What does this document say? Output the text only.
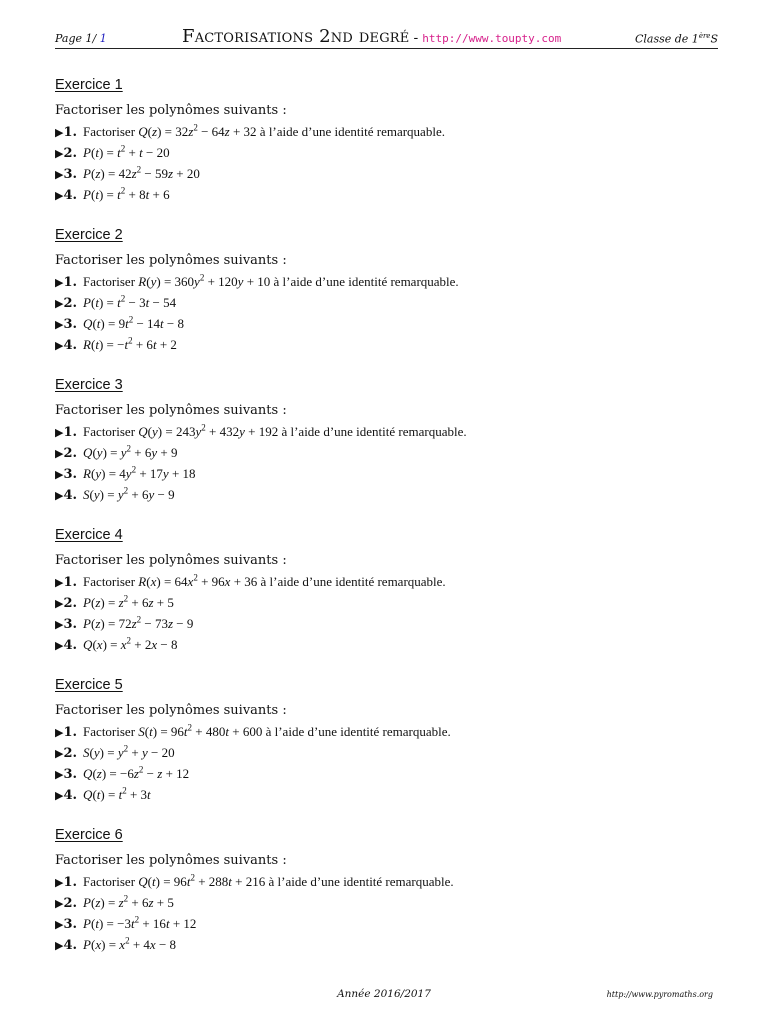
Page 1/ 1	Factorisations 2nd degré - http://www.toupty.com	Classe de 1èreS
Exercice 1
Factoriser les polynômes suivants :
▶1. Factoriser $Q(z) = 32z^2 - 64z + 32$ à l’aide d’une identité remarquable.
▶2. $P(t) = t^2 + t - 20$
▶3. $P(z) = 42z^2 - 59z + 20$
▶4. $P(t) = t^2 + 8t + 6$
Exercice 2
Factoriser les polynômes suivants :
▶1. Factoriser $R(y) = 360y^2 + 120y + 10$ à l’aide d’une identité remarquable.
▶2. $P(t) = t^2 - 3t - 54$
▶3. $Q(t) = 9t^2 - 14t - 8$
▶4. $R(t) = -t^2 + 6t + 2$
Exercice 3
Factoriser les polynômes suivants :
▶1. Factoriser $Q(y) = 243y^2 + 432y + 192$ à l’aide d’une identité remarquable.
▶2. $Q(y) = y^2 + 6y + 9$
▶3. $R(y) = 4y^2 + 17y + 18$
▶4. $S(y) = y^2 + 6y - 9$
Exercice 4
Factoriser les polynômes suivants :
▶1. Factoriser $R(x) = 64x^2 + 96x + 36$ à l’aide d’une identité remarquable.
▶2. $P(z) = z^2 + 6z + 5$
▶3. $P(z) = 72z^2 - 73z - 9$
▶4. $Q(x) = x^2 + 2x - 8$
Exercice 5
Factoriser les polynômes suivants :
▶1. Factoriser $S(t) = 96t^2 + 480t + 600$ à l’aide d’une identité remarquable.
▶2. $S(y) = y^2 + y - 20$
▶3. $Q(z) = -6z^2 - z + 12$
▶4. $Q(t) = t^2 + 3t$
Exercice 6
Factoriser les polynômes suivants :
▶1. Factoriser $Q(t) = 96t^2 + 288t + 216$ à l’aide d’une identité remarquable.
▶2. $P(z) = z^2 + 6z + 5$
▶3. $P(t) = -3t^2 + 16t + 12$
▶4. $P(x) = x^2 + 4x - 8$
Année 2016/2017	http://www.pyromaths.org
